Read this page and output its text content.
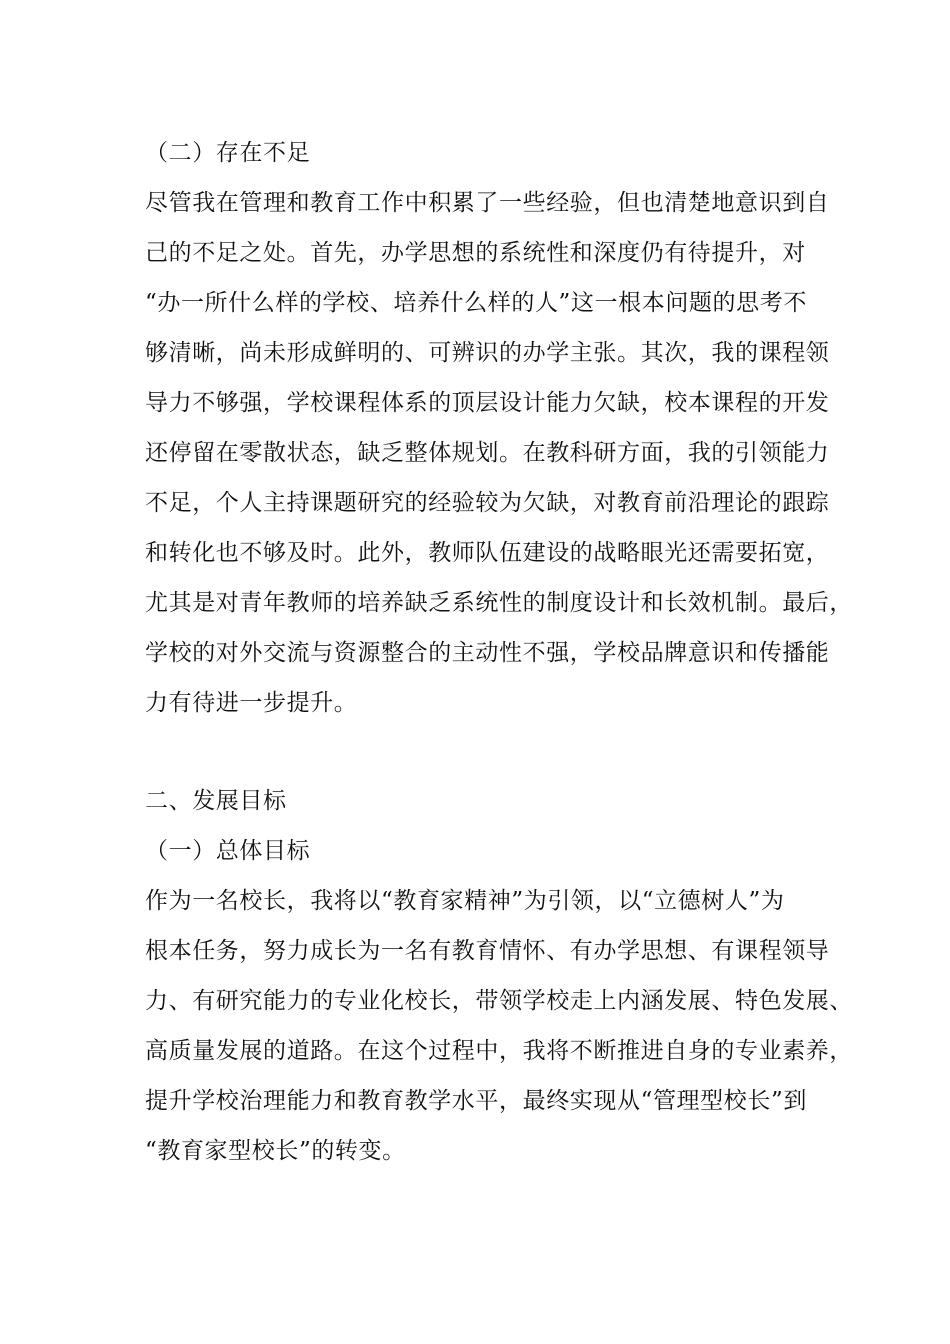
（二）存在不足
尽管我在管理和教育工作中积累了一些经验，但也清楚地意识到自
己的不足之处。首先，办学思想的系统性和深度仍有待提升，对
“办一所什么样的学校、培养什么样的人”这一根本问题的思考不
够清晰，尚未形成鲜明的、可辨识的办学主张。其次，我的课程领
导力不够强，学校课程体系的顶层设计能力欠缺，校本课程的开发
还停留在零散状态，缺乏整体规划。在教科研方面，我的引领能力
不足，个人主持课题研究的经验较为欠缺，对教育前沿理论的跟踪
和转化也不够及时。此外，教师队伍建设的战略眼光还需要拓宽，
尤其是对青年教师的培养缺乏系统性的制度设计和长效机制。最后，
学校的对外交流与资源整合的主动性不强，学校品牌意识和传播能
力有待进一步提升。
二、发展目标
（一）总体目标
作为一名校长，我将以“教育家精神”为引领，以“立德树人”为
根本任务，努力成长为一名有教育情怀、有办学思想、有课程领导
力、有研究能力的专业化校长，带领学校走上内涵发展、特色发展、
高质量发展的道路。在这个过程中，我将不断推进自身的专业素养，
提升学校治理能力和教育教学水平，最终实现从“管理型校长”到
“教育家型校长”的转变。
